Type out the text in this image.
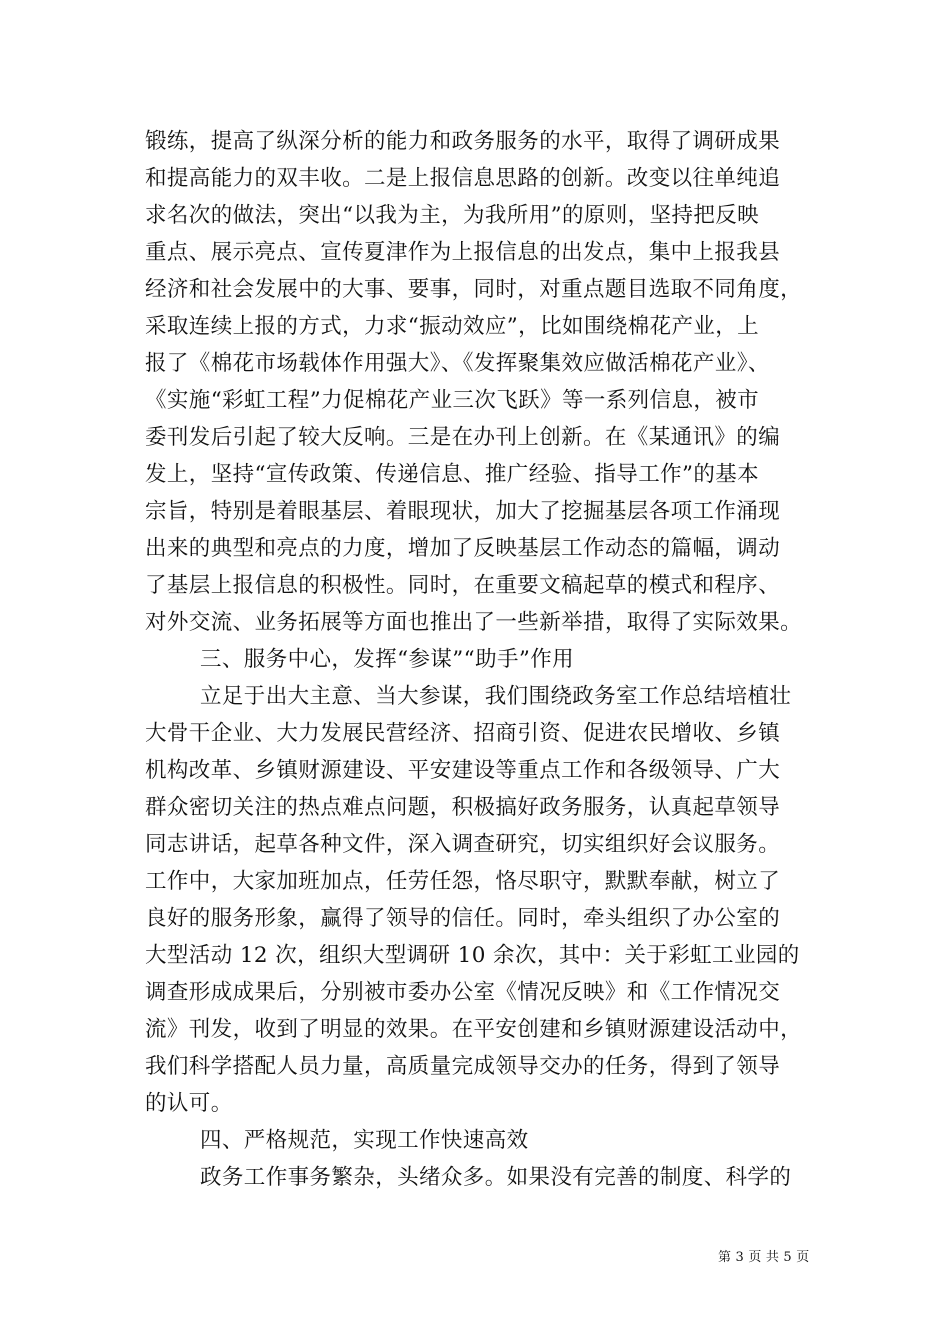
锻练，提高了纵深分析的能力和政务服务的水平，取得了调研成果
和提高能力的双丰收。二是上报信息思路的创新。改变以往单纯追
求名次的做法，突出“以我为主，为我所用”的原则，坚持把反映
重点、展示亮点、宣传夏津作为上报信息的出发点，集中上报我县
经济和社会发展中的大事、要事，同时，对重点题目选取不同角度，
采取连续上报的方式，力求“振动效应”，比如围绕棉花产业，上
报了《棉花市场载体作用强大》、《发挥聚集效应做活棉花产业》、
《实施“彩虹工程”力促棉花产业三次飞跃》等一系列信息，被市
委刊发后引起了较大反响。三是在办刊上创新。在《某通讯》的编
发上，坚持“宣传政策、传递信息、推广经验、指导工作”的基本
宗旨，特别是着眼基层、着眼现状，加大了挖掘基层各项工作涌现
出来的典型和亮点的力度，增加了反映基层工作动态的篇幅，调动
了基层上报信息的积极性。同时，在重要文稿起草的模式和程序、
对外交流、业务拓展等方面也推出了一些新举措，取得了实际效果。
三、服务中心，发挥“参谋”“助手”作用
立足于出大主意、当大参谋，我们围绕政务室工作总结培植壮
大骨干企业、大力发展民营经济、招商引资、促进农民增收、乡镇
机构改革、乡镇财源建设、平安建设等重点工作和各级领导、广大
群众密切关注的热点难点问题，积极搞好政务服务，认真起草领导
同志讲话，起草各种文件，深入调查研究，切实组织好会议服务。
工作中，大家加班加点，任劳任怨，恪尽职守，默默奉献，树立了
良好的服务形象，赢得了领导的信任。同时，牵头组织了办公室的
大型活动 12 次，组织大型调研 10 余次，其中：关于彩虹工业园的
调查形成成果后，分别被市委办公室《情况反映》和《工作情况交
流》刊发，收到了明显的效果。在平安创建和乡镇财源建设活动中，
我们科学搭配人员力量，高质量完成领导交办的任务，得到了领导
的认可。
四、严格规范，实现工作快速高效
政务工作事务繁杂，头绪众多。如果没有完善的制度、科学的
第 3 页 共 5 页
